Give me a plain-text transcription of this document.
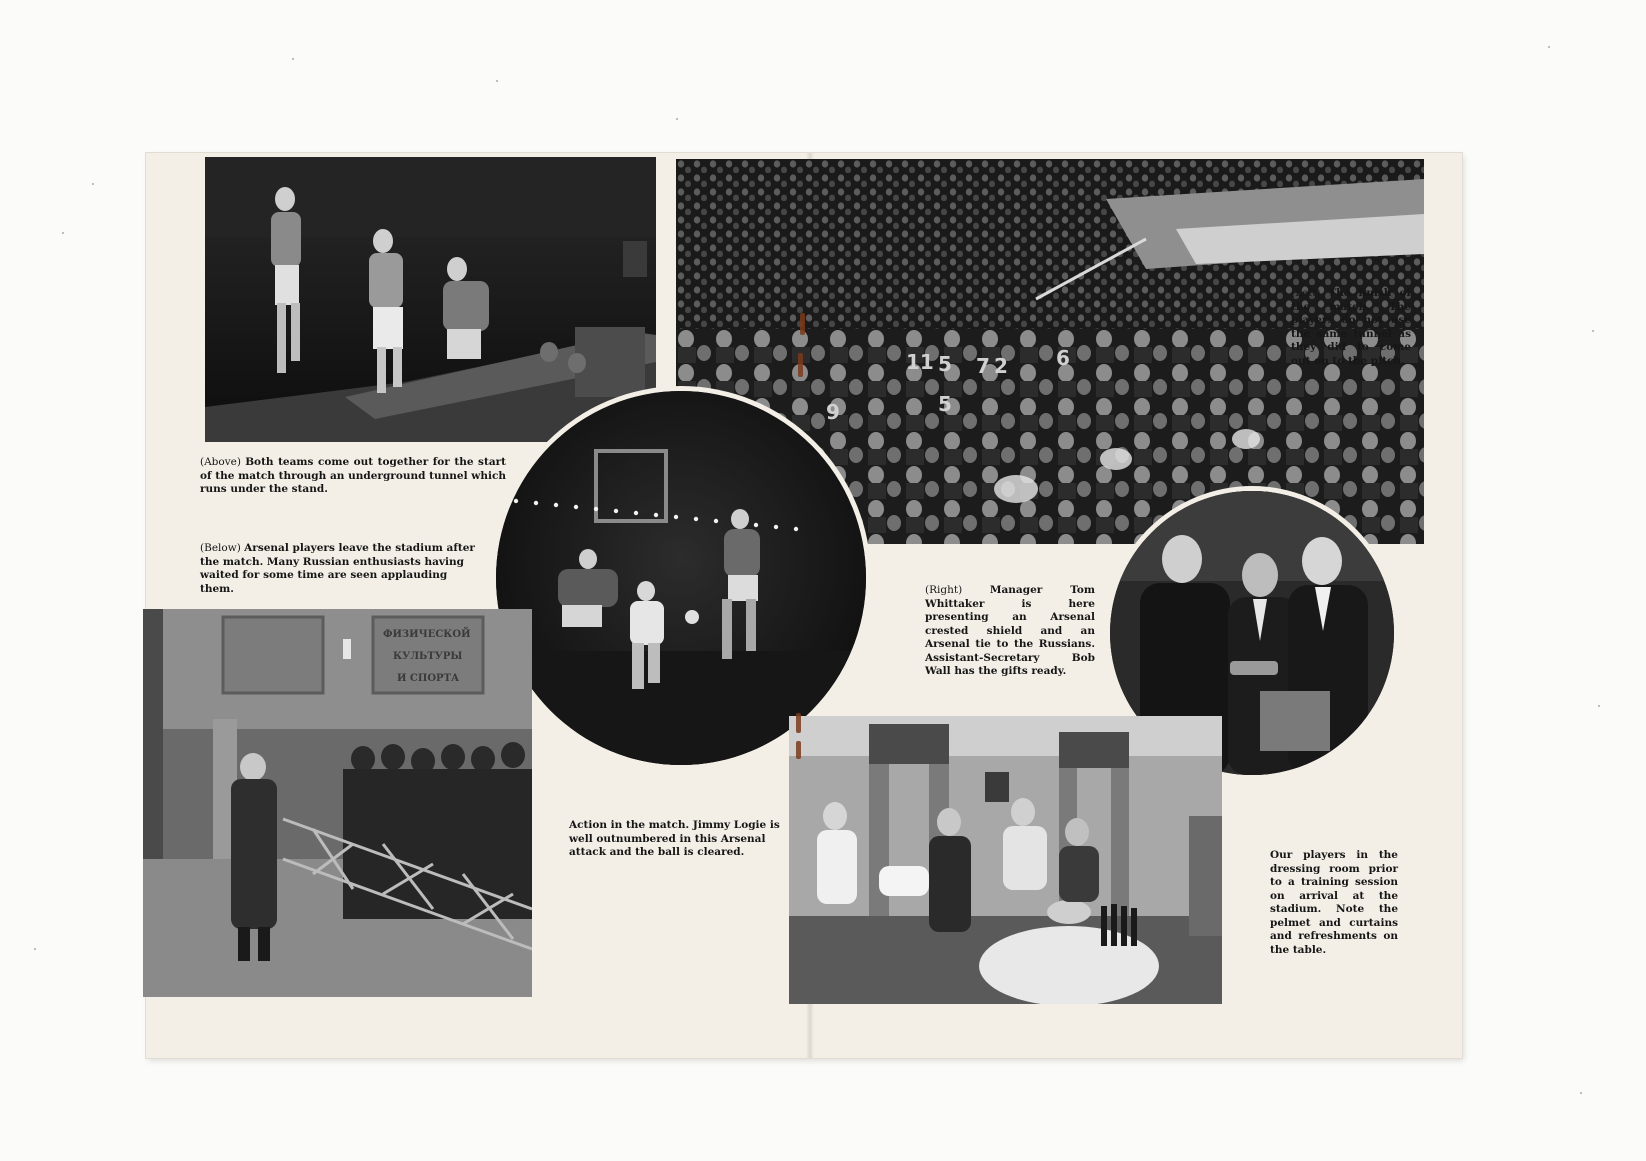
9
11 5 7 2 6
5
ФИЗИЧЕСКОЙ
КУЛЬТУРЫ
И СПОРТА

(Above) Both teams come out together for the start of the match through an underground tunnel which runs under the stand.

(Below) Arsenal players leave the stadium after the match. Many Russian enthusiasts having waited for some time are seen applauding them.

(Left) The finish of the match. The players do not use the same tunnel as they did to come out on to the pitch.

(Right)	Manager Tom Whittaker is here presenting an Arsenal crested shield and an Arsenal tie to the Russians. Assistant-Secretary Bob Wall has the gifts ready.

Action in the match. Jimmy Logie is well outnumbered in this Arsenal attack and the ball is cleared.	Our players in the dressing room prior to a training session on arrival at the stadium. Note the pelmet and curtains and refreshments on the table.
